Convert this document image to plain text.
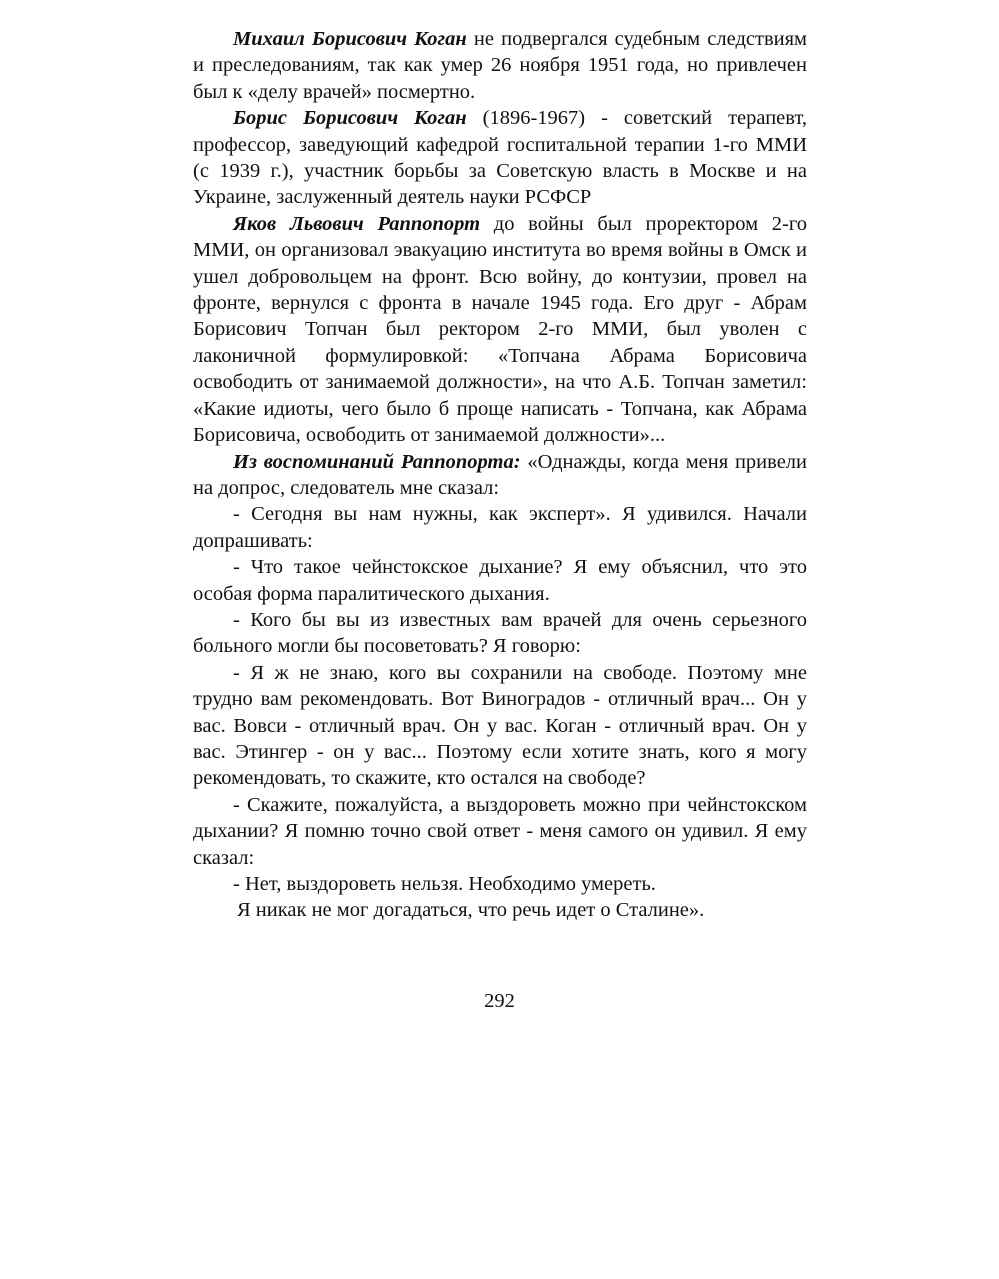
Михаил Борисович Коган не подвергался судебным следствиям и преследованиям, так как умер 26 ноября 1951 года, но привлечен был к «делу врачей» посмертно.

Борис Борисович Коган (1896-1967) - советский терапевт, профессор, заведующий кафедрой госпитальной терапии 1-го ММИ (с 1939 г.), участник борьбы за Советскую власть в Москве и на Украине, заслуженный деятель науки РСФСР

Яков Львович Раппопорт до войны был проректором 2-го ММИ, он организовал эвакуацию института во время войны в Омск и ушел добровольцем на фронт. Всю войну, до контузии, провел на фронте, вернулся с фронта в начале 1945 года. Его друг - Абрам Борисович Топчан был ректором 2-го ММИ, был уволен с лаконичной формулировкой: «Топчана Абрама Борисовича освободить от занимаемой должности», на что А.Б. Топчан заметил: «Какие идиоты, чего было б проще написать - Топчана, как Абрама Борисовича, освободить от занимаемой должности»...

Из воспоминаний Раппопорта: «Однажды, когда меня привели на допрос, следователь мне сказал:

- Сегодня вы нам нужны, как эксперт». Я удивился. Начали допрашивать:

- Что такое чейнстокское дыхание? Я ему объяснил, что это особая форма паралитического дыхания.

- Кого бы вы из известных вам врачей для очень серьезного больного могли бы посоветовать? Я говорю:

- Я ж не знаю, кого вы сохранили на свободе. Поэтому мне трудно вам рекомендовать. Вот Виноградов - отличный врач... Он у вас. Вовси - отличный врач. Он у вас. Коган - отличный врач. Он у вас. Этингер - он у вас... Поэтому если хотите знать, кого я могу рекомендовать, то скажите, кто остался на свободе?

- Скажите, пожалуйста, а выздороветь можно при чейнстокском дыхании? Я помню точно свой ответ - меня самого он удивил. Я ему сказал:

- Нет, выздороветь нельзя. Необходимо умереть.

Я никак не мог догадаться, что речь идет о Сталине».

292
